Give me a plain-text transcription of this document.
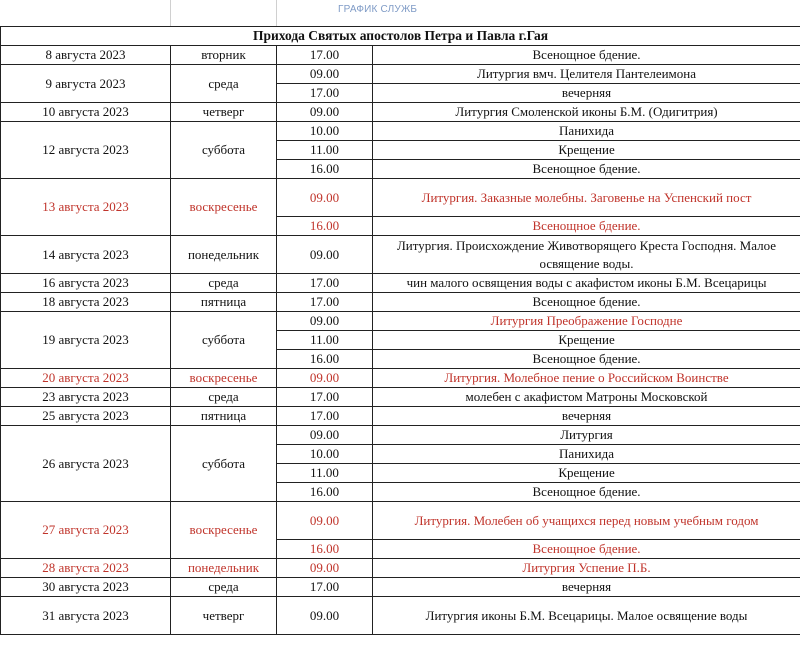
ГРАФИК СЛУЖБ
Прихода Святых апостолов Петра и Павла г.Гая			
8 августа 2023	вторник	17.00	Всенощное бдение.
9 августа 2023	среда	09.00	Литургия вмч. Целителя Пантелеимона
		17.00	вечерняя
10 августа 2023	четверг	09.00	Литургия Смоленской иконы Б.М. (Одигитрия)
12 августа 2023	суббота	10.00	Панихида
		11.00	Крещение
		16.00	Всенощное бдение.
13 августа 2023	воскресенье	09.00	Литургия. Заказные молебны. Заговенье на Успенский пост
		16.00	Всенощное бдение.
14 августа 2023	понедельник	09.00	Литургия. Происхождение Животворящего Креста Господня. Малое освящение воды.
16 августа 2023	среда	17.00	чин малого освящения воды с акафистом иконы Б.М. Всецарицы
18 августа 2023	пятница	17.00	Всенощное бдение.
19 августа 2023	суббота	09.00	Литургия Преображение Господне
		11.00	Крещение
		16.00	Всенощное бдение.
20 августа 2023	воскресенье	09.00	Литургия. Молебное пение о Российском Воинстве
23 августа 2023	среда	17.00	молебен с акафистом Матроны Московской
25 августа 2023	пятница	17.00	вечерняя
26 августа 2023	суббота	09.00	Литургия
		10.00	Панихида
		11.00	Крещение
		16.00	Всенощное бдение.
27 августа 2023	воскресенье	09.00	Литургия. Молебен об учащихся перед новым учебным годом
		16.00	Всенощное бдение.
28 августа 2023	понедельник	09.00	Литургия Успение П.Б.
30 августа 2023	среда	17.00	вечерняя
31 августа 2023	четверг	09.00	Литургия иконы Б.М. Всецарицы. Малое освящение воды
